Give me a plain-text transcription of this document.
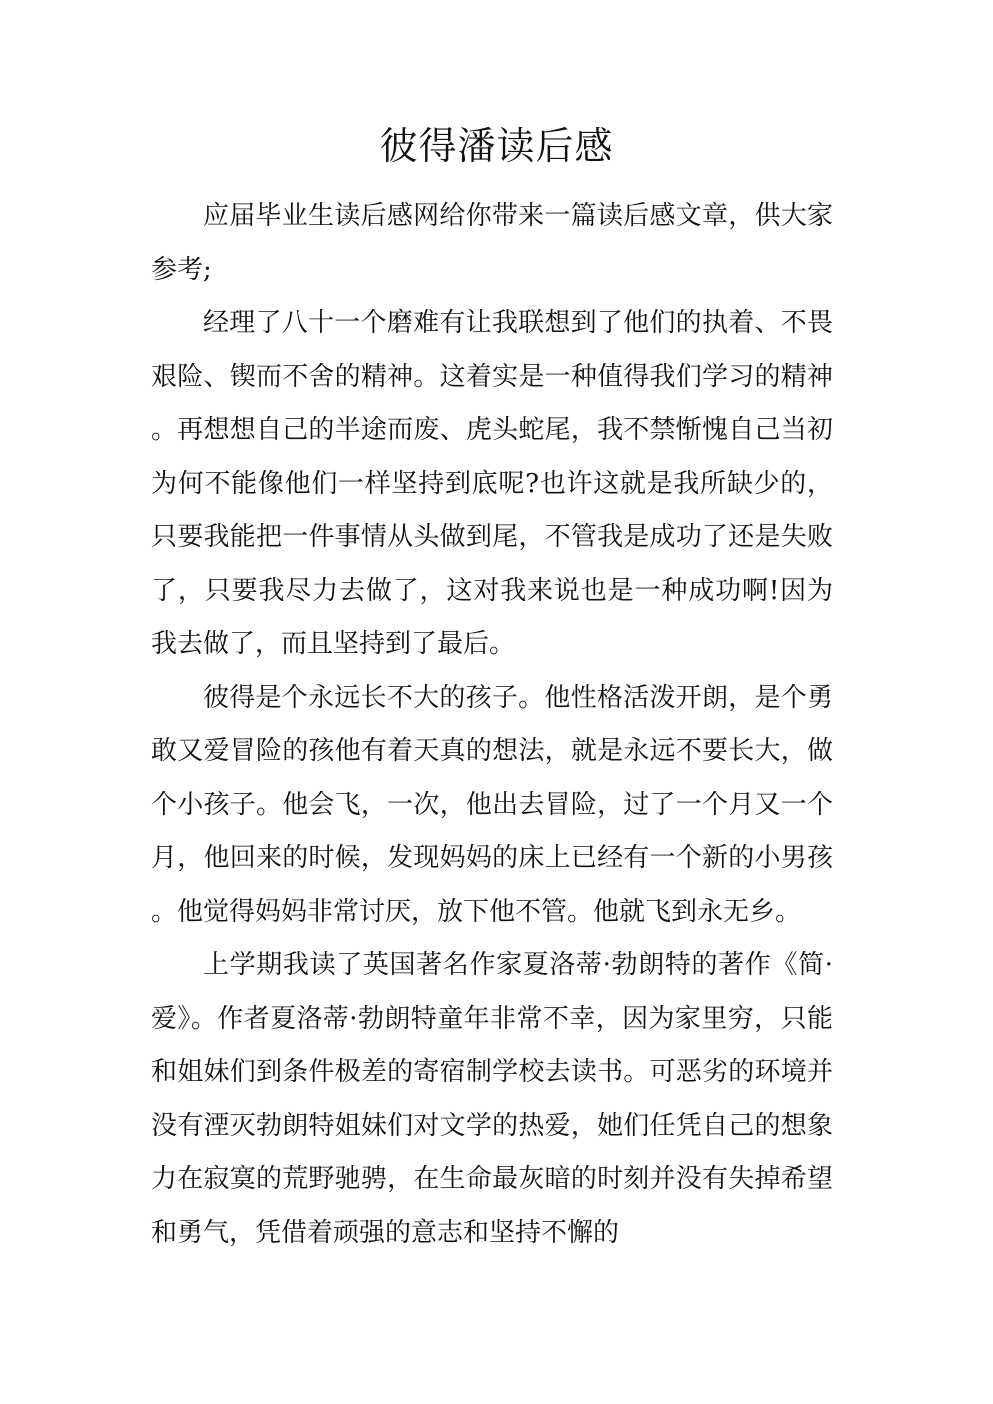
彼得潘读后感

应届毕业生读后感网给你带来一篇读后感文章，供大家参考;

经理了八十一个磨难有让我联想到了他们的执着、不畏艰险、锲而不舍的精神。这着实是一种值得我们学习的精神。再想想自己的半途而废、虎头蛇尾，我不禁惭愧自己当初为何不能像他们一样坚持到底呢?也许这就是我所缺少的，只要我能把一件事情从头做到尾，不管我是成功了还是失败了，只要我尽力去做了，这对我来说也是一种成功啊!因为我去做了，而且坚持到了最后。

彼得是个永远长不大的孩子。他性格活泼开朗，是个勇敢又爱冒险的孩他有着天真的想法，就是永远不要长大，做个小孩子。他会飞，一次，他出去冒险，过了一个月又一个月，他回来的时候，发现妈妈的床上已经有一个新的小男孩。他觉得妈妈非常讨厌，放下他不管。他就飞到永无乡。

上学期我读了英国著名作家夏洛蒂·勃朗特的著作《简·爱》。作者夏洛蒂·勃朗特童年非常不幸，因为家里穷，只能和姐妹们到条件极差的寄宿制学校去读书。可恶劣的环境并没有湮灭勃朗特姐妹们对文学的热爱，她们任凭自己的想象力在寂寞的荒野驰骋，在生命最灰暗的时刻并没有失掉希望和勇气，凭借着顽强的意志和坚持不懈的
